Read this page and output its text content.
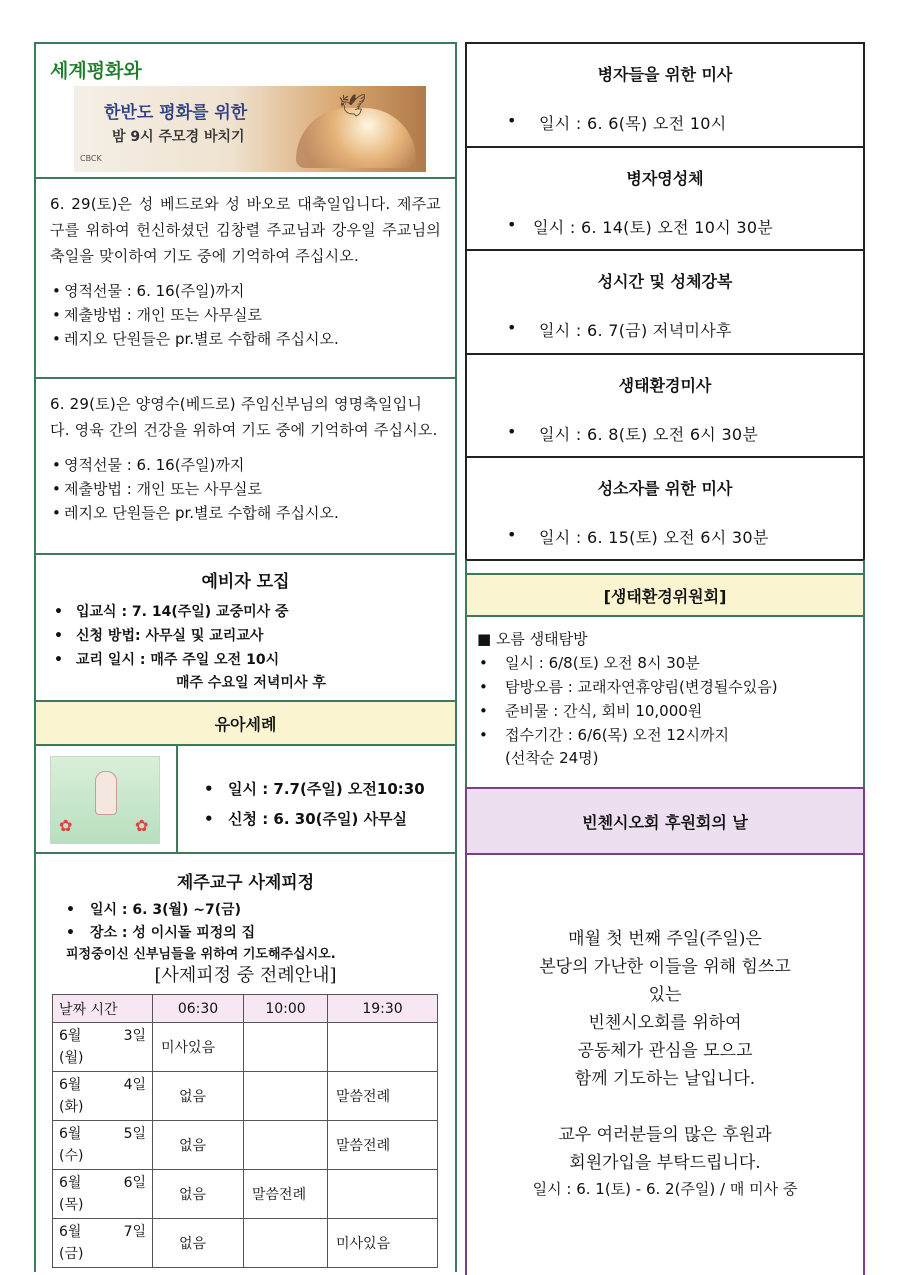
세계평화와
🕊
한반도 평화를 위한
밤 9시 주모경 바치기
CBCK

6. 29(토)은 성 베드로와 성 바오로 대축일입니다. 제주교구를 위하여 헌신하셨던 김창렬 주교님과 강우일 주교님의 축일을 맞이하여 기도 중에 기억하여 주십시오.

• 영적선물 : 6. 16(주일)까지
• 제출방법 : 개인 또는 사무실로
• 레지오 단원들은 pr.별로 수합해 주십시오.

6. 29(토)은 양영수(베드로) 주임신부님의 영명축일입니다. 영육 간의 건강을 위하여 기도 중에 기억하여 주십시오.

• 영적선물 : 6. 16(주일)까지
• 제출방법 : 개인 또는 사무실로
• 레지오 단원들은 pr.별로 수합해 주십시오.
예비자 모집
• 입교식 : 7. 14(주일) 교중미사 중
• 신청 방법: 사무실 및 교리교사
• 교리 일시 : 매주 주일 오전 10시
매주 수요일 저녁미사 후
유아세례
✿	✿
• 일시 : 7.7(주일) 오전10:30
• 신청 : 6. 30(주일) 사무실
제주교구 사제피정
• 일시 : 6. 3(월) ~7(금)
• 장소 : 성 이시돌 피정의 집
피정중이신 신부님들을 위하여 기도해주십시오.
[사제피정 중 전례안내]
날짜 시간	06:30	10:00	19:30

6월 3일
(월)	미사있음		

6월 4일
(화)	없음		말씀전례

6월 5일
(수)	없음		말씀전례

6월 6일
(목)	없음	말씀전례	

6월 7일
(금)	없음		미사있음
병자들을 위한 미사
• 일시 : 6. 6(목) 오전 10시
병자영성체
• 일시 : 6. 14(토) 오전 10시 30분
성시간 및 성체강복
• 일시 : 6. 7(금) 저녁미사후
생태환경미사
• 일시 : 6. 8(토) 오전 6시 30분
성소자를 위한 미사
• 일시 : 6. 15(토) 오전 6시 30분
[생태환경위원회]
■ 오름 생태탐방
• 일시 : 6/8(토) 오전 8시 30분
• 탐방오름 : 교래자연휴양림(변경될수있음)
• 준비물 : 간식, 회비 10,000원
• 접수기간 : 6/6(목) 오전 12시까지
(선착순 24명)
빈첸시오회 후원회의 날

매월 첫 번째 주일(주일)은

본당의 가난한 이들을 위해 힘쓰고

있는

빈첸시오회를 위하여

공동체가 관심을 모으고

함께 기도하는 날입니다.

교우 여러분들의 많은 후원과

회원가입을 부탁드립니다.

일시 : 6. 1(토) - 6. 2(주일) / 매 미사 중
